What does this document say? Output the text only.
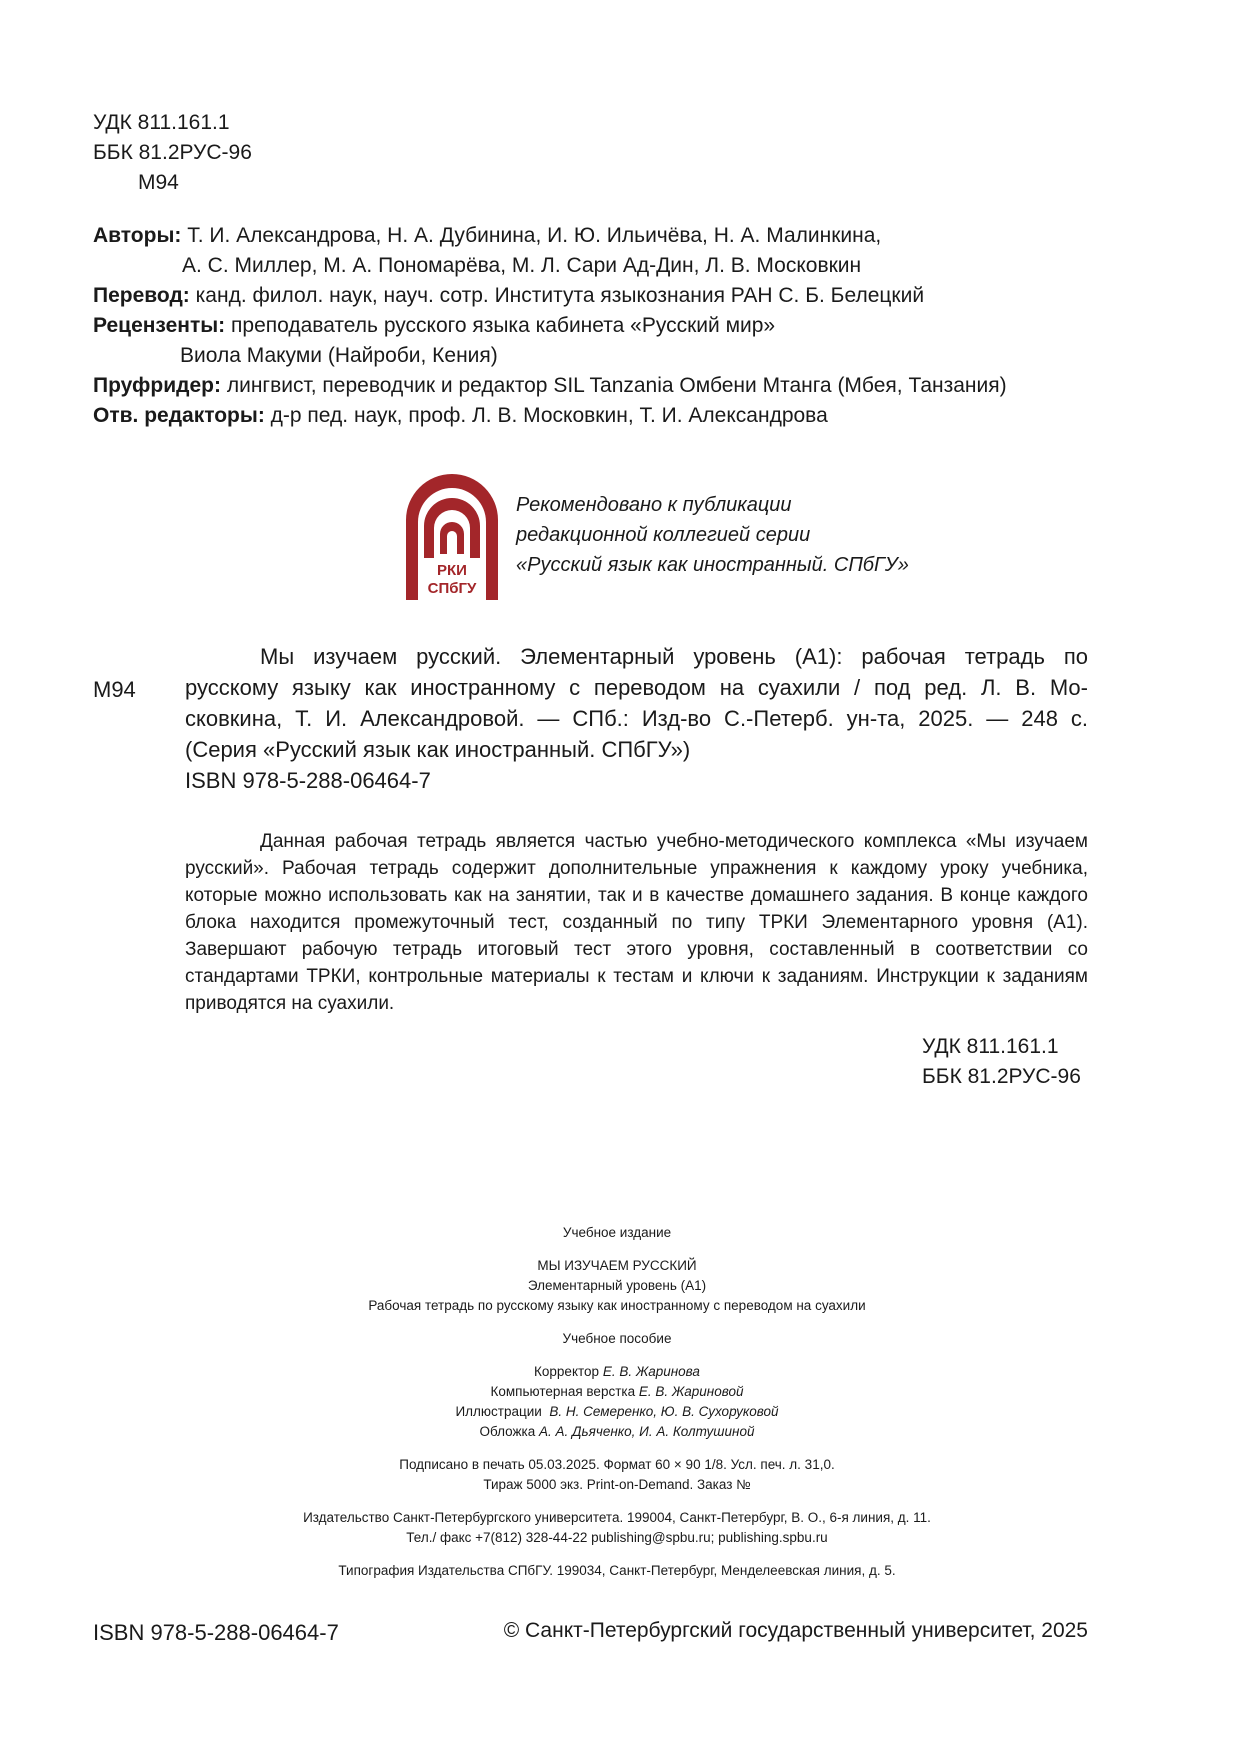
УДК 811.161.1
ББК 81.2РУС-96
М94
Авторы: Т. И. Александрова, Н. А. Дубинина, И. Ю. Ильичёва, Н. А. Малинкина,
А. С. Миллер, М. А. Пономарёва, М. Л. Сари Ад-Дин, Л. В. Московкин
Перевод: канд. филол. наук, науч. сотр. Института языкознания РАН С. Б. Белецкий
Рецензенты: преподаватель русского языка кабинета «Русский мир»
Виола Макуми (Найроби, Кения)
Пруфридер: лингвист, переводчик и редактор SIL Tanzania Омбени Мтанга (Мбея, Танзания)
Отв. редакторы: д-р пед. наук, проф. Л. В. Московкин, Т. И. Александрова
РКИ
СПбГУ
Рекомендовано к публикации
редакционной коллегией серии
«Русский язык как иностранный. СПбГУ»
М94
Мы изучаем русский. Элементарный уровень (А1): рабочая тетрадь по
русскому языку как иностранному с переводом на суахили / под ред. Л. В. Мо-
сковкина, Т. И. Александровой. — СПб.: Изд-во С.-Петерб. ун-та, 2025. — 248 с.
(Серия «Русский язык как иностранный. СПбГУ»)
ISBN 978-5-288-06464-7

Данная рабочая тетрадь является частью учебно-методического комплекса «Мы изучаем русский». Рабочая тетрадь содержит дополнительные упражнения к каждому уроку учебника, которые можно использовать как на занятии, так и в качестве домашнего задания. В конце каждого блока находится промежуточный тест, созданный по типу ТРКИ Элементарного уровня (А1). Завершают рабочую тетрадь итоговый тест этого уровня, составленный в соответствии со стандартами ТРКИ, контрольные материалы к тестам и ключи к заданиям. Инструкции к заданиям приводятся на суахили.

УДК 811.161.1
ББК 81.2РУС-96
Учебное издание
МЫ ИЗУЧАЕМ РУССКИЙ
Элементарный уровень (А1)
Рабочая тетрадь по русскому языку как иностранному с переводом на суахили
Учебное пособие
Корректор Е. В. Жаринова
Компьютерная верстка Е. В. Жариновой
Иллюстрации В. Н. Семеренко, Ю. В. Сухоруковой
Обложка А. А. Дьяченко, И. А. Колтушиной
Подписано в печать 05.03.2025. Формат 60 × 90 1/8. Усл. печ. л. 31,0.
Тираж 5000 экз. Print-on-Demand. Заказ №
Издательство Санкт-Петербургского университета. 199004, Санкт-Петербург, В. О., 6-я линия, д. 11.
Тел./ факс +7(812) 328-44-22 publishing@spbu.ru; publishing.spbu.ru
Типография Издательства СПбГУ. 199034, Санкт-Петербург, Менделеевская линия, д. 5.
ISBN 978-5-288-06464-7	© Санкт-Петербургский государственный университет, 2025
